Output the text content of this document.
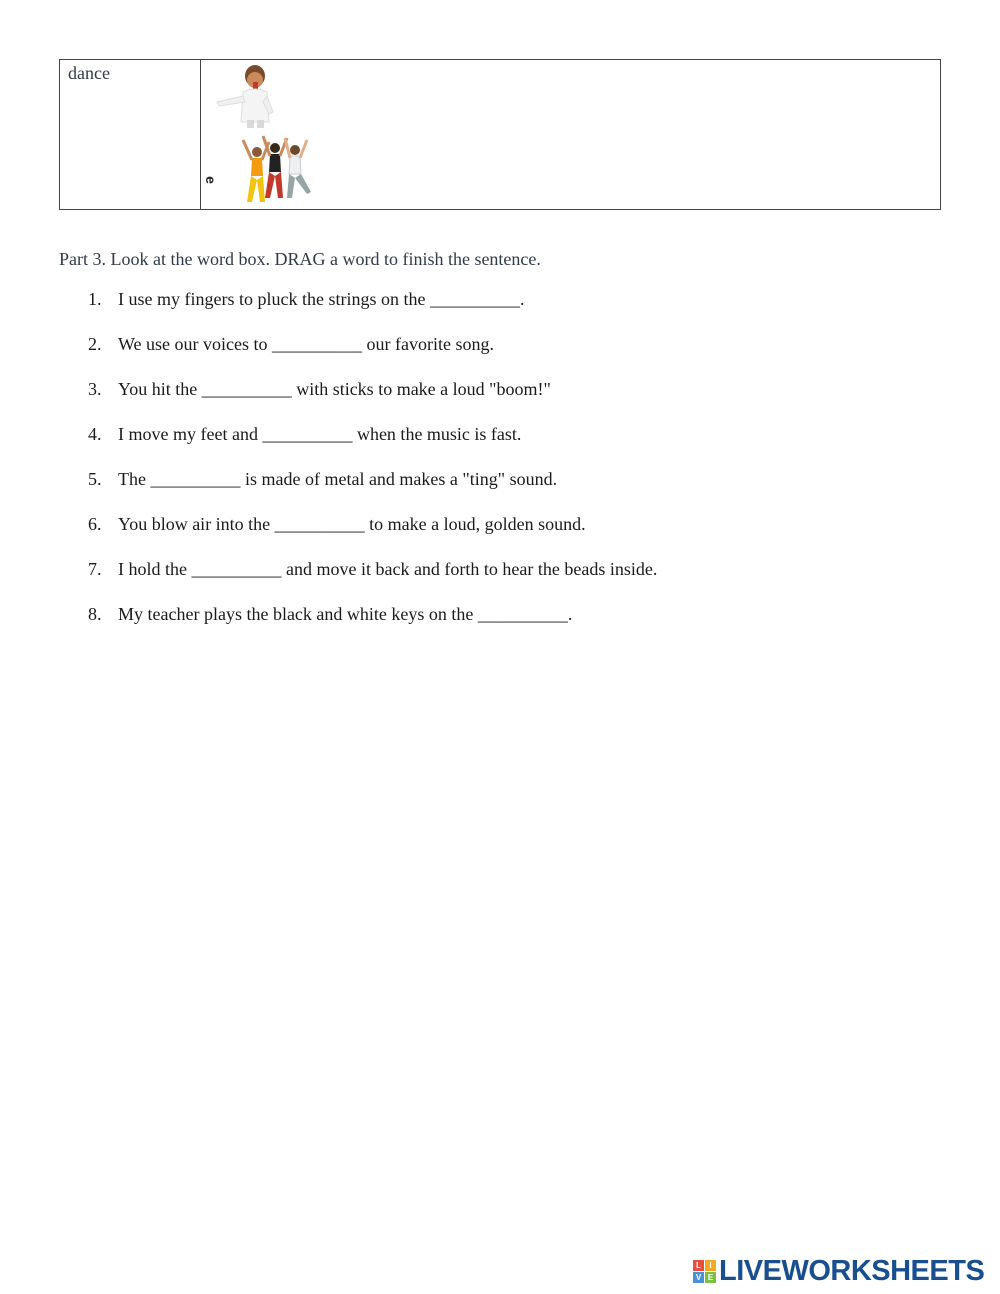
dance
e
Part 3. Look at the word box. DRAG a word to finish the sentence.
1. I use my fingers to pluck the strings on the __________.
2. We use our voices to __________ our favorite song.
3. You hit the __________ with sticks to make a loud "boom!"
4. I move my feet and __________ when the music is fast.
5. The __________ is made of metal and makes a "ting" sound.
6. You blow air into the __________ to make a loud, golden sound.
7. I hold the __________ and move it back and forth to hear the beads inside.
8. My teacher plays the black and white keys on the __________.
L	I
V E LIVEWORKSHEETS
